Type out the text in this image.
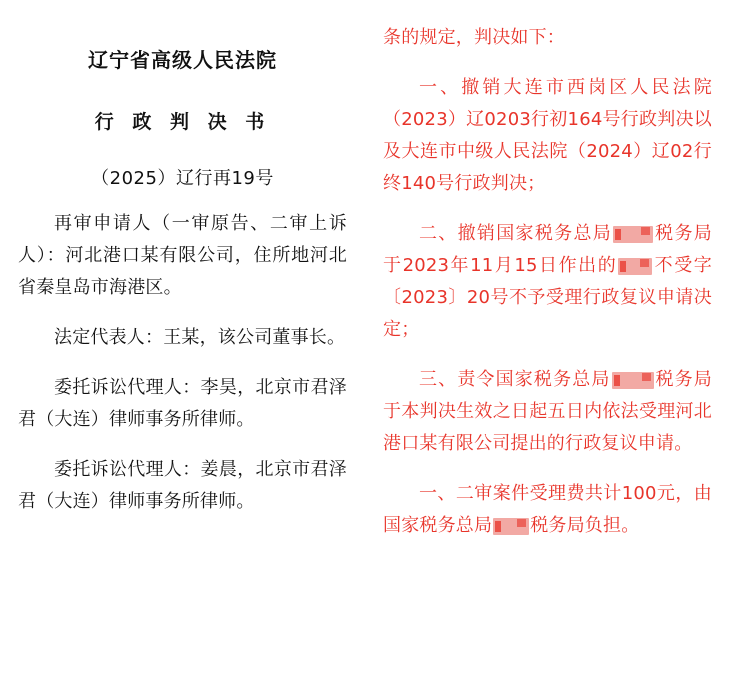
辽宁省高级人民法院
行 政 判 决 书
（2025）辽行再19号

再审申请人（一审原告、二审上诉人）：河北港口某有限公司，住所地河北省秦皇岛市海港区。

法定代表人：王某，该公司董事长。

委托诉讼代理人：李昊，北京市君泽君（大连）律师事务所律师。

委托诉讼代理人：姜晨，北京市君泽君（大连）律师事务所律师。

条的规定，判决如下：

一、撤销大连市西岗区人民法院（2023）辽0203行初164号行政判决以及大连市中级人民法院（2024）辽02行终140号行政判决；

二、撤销国家税务总局 税务局于2023年11月15日作出的 不受字〔2023〕20号不予受理行政复议申请决定；

三、责令国家税务总局 税务局于本判决生效之日起五日内依法受理河北港口某有限公司提出的行政复议申请。

一、二审案件受理费共计100元，由国家税务总局 税务局负担。
